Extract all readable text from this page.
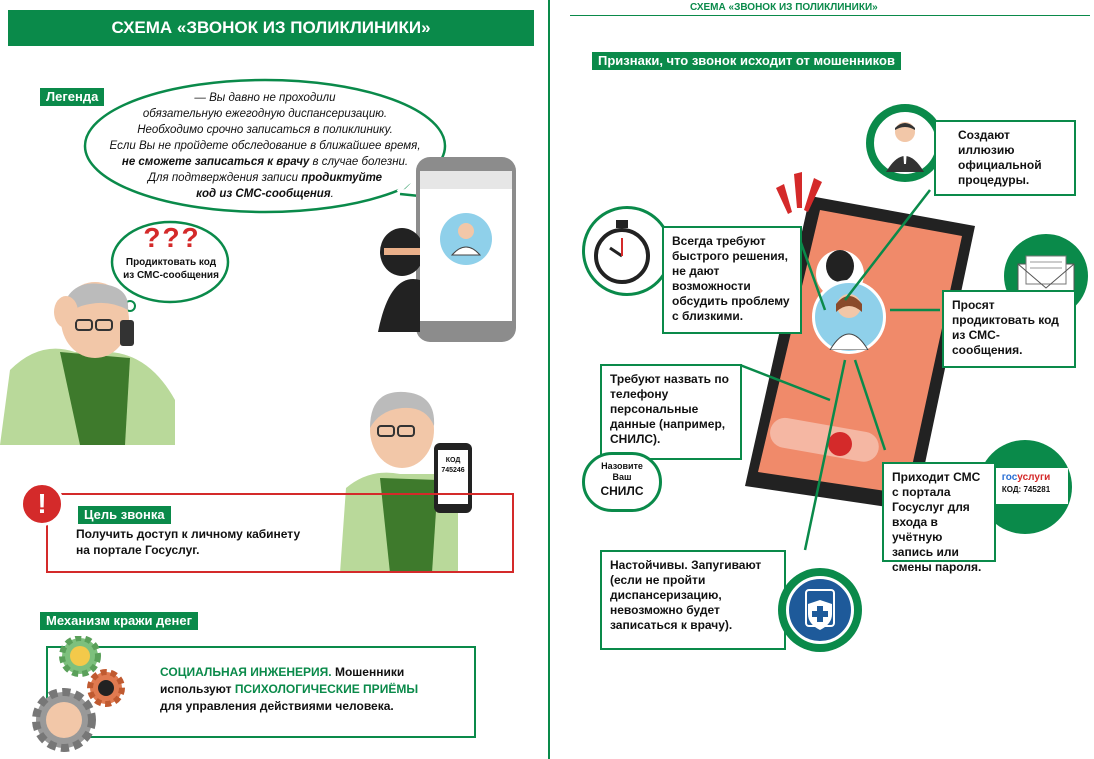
СХЕМА «ЗВОНОК ИЗ ПОЛИКЛИНИКИ»
Легенда	— Вы давно не проходили
обязательную ежегодную диспансеризацию.
Необходимо срочно записаться в поликлинику.
Если Вы не пройдете обследование в ближайшее время,
не сможете записаться к врачу в случае болезни.
Для подтверждения записи продиктуйте
код из СМС-сообщения.
???
Продиктовать код
из СМС-сообщения
КОД
745246
!	Цель звонка
Получить доступ к личному кабинету
на портале Госуслуг.
Механизм кражи денег
СОЦИАЛЬНАЯ ИНЖЕНЕРИЯ. Мошенники
используют ПСИХОЛОГИЧЕСКИЕ ПРИЁМЫ
для управления действиями человека.
СХЕМА «ЗВОНОК ИЗ ПОЛИКЛИНИКИ»
Признаки, что звонок исходит от мошенников
Создают иллюзию официальной процедуры.
Всегда требуют быстрого решения, не дают возможности обсудить проблему с близкими.
Просят продиктовать код из СМС-сообщения.
Требуют назвать по телефону персональные данные (например, СНИЛС).
Назовите
Ваш
СНИЛС
госуслуги
КОД: 745281
Приходит СМС с портала Госуслуг для входа в учётную запись или смены пароля.
Настойчивы. Запугивают (если не пройти диспансеризацию, невозможно будет записаться к врачу).
